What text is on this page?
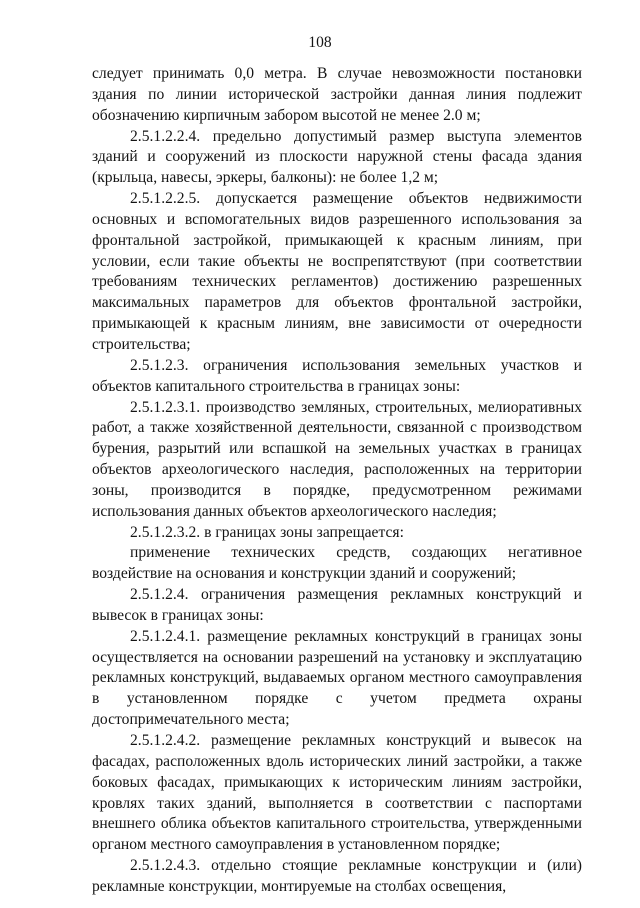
108

следует принимать 0,0 метра. В случае невозможности постановки здания по линии исторической застройки данная линия подлежит обозначению кирпичным забором высотой не менее 2.0 м;

2.5.1.2.2.4. предельно допустимый размер выступа элементов зданий и сооружений из плоскости наружной стены фасада здания (крыльца, навесы, эркеры, балконы): не более 1,2 м;

2.5.1.2.2.5. допускается размещение объектов недвижимости основных и вспомогательных видов разрешенного использования за фронтальной застройкой, примыкающей к красным линиям, при условии, если такие объекты не воспрепятствуют (при соответствии требованиям технических регламентов) достижению разрешенных максимальных параметров для объектов фронтальной застройки, примыкающей к красным линиям, вне зависимости от очередности строительства;

2.5.1.2.3. ограничения использования земельных участков и объектов капитального строительства в границах зоны:

2.5.1.2.3.1. производство земляных, строительных, мелиоративных работ, а также хозяйственной деятельности, связанной с производством бурения, разрытий или вспашкой на земельных участках в границах объектов археологического наследия, расположенных на территории зоны, производится в порядке, предусмотренном режимами использования данных объектов археологического наследия;

2.5.1.2.3.2. в границах зоны запрещается:

применение технических средств, создающих негативное воздействие на основания и конструкции зданий и сооружений;

2.5.1.2.4. ограничения размещения рекламных конструкций и вывесок в границах зоны:

2.5.1.2.4.1. размещение рекламных конструкций в границах зоны осуществляется на основании разрешений на установку и эксплуатацию рекламных конструкций, выдаваемых органом местного самоуправления в установленном порядке с учетом предмета охраны достопримечательного места;

2.5.1.2.4.2. размещение рекламных конструкций и вывесок на фасадах, расположенных вдоль исторических линий застройки, а также боковых фасадах, примыкающих к историческим линиям застройки, кровлях таких зданий, выполняется в соответствии с паспортами внешнего облика объектов капитального строительства, утвержденными органом местного самоуправления в установленном порядке;

2.5.1.2.4.3. отдельно стоящие рекламные конструкции и (или) рекламные конструкции, монтируемые на столбах освещения,
